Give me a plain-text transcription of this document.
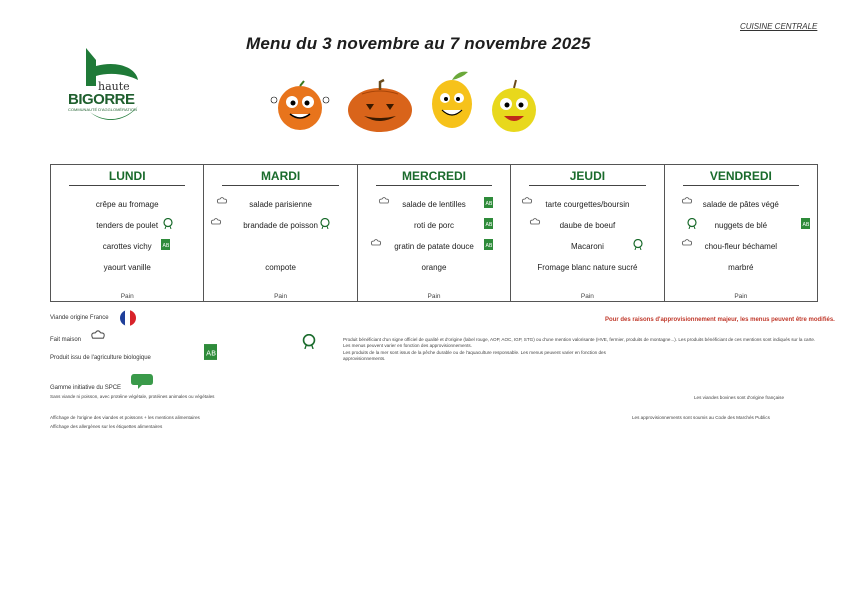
CUISINE CENTRALE
Menu du 3 novembre au 7 novembre 2025
haute
BIGORRE
COMMUNAUTÉ D'AGGLOMÉRATION
LUNDI
crêpe au fromage
tenders de poulet
carottes vichy AB
yaourt vanille
Pain
MARDI
salade parisienne
brandade de poisson
compote
Pain
MERCREDI
salade de lentilles	AB
roti de porc	AB
gratin de patate douce AB
orange
Pain
JEUDI
tarte courgettes/boursin
daube de boeuf
Macaroni
Fromage blanc nature sucré
Pain
VENDREDI
salade de pâtes végé
nuggets de blé	AB
chou-fleur béchamel
marbré
Pain
Viande origine France
Fait maison
Produit issu de l'agriculture biologique
AB
Produit bénéficiant d'un signe officiel de qualité et d'origine (label rouge, AOP, AOC, IGP, STG) ou d'une mention valorisante (HVE, fermier, produits de montagne...). Les produits bénéficiant de ces mentions sont indiqués sur la carte. Les menus peuvent varier en fonction des approvisionnements.
Les produits de la mer sont issus de la pêche durable ou de l'aquaculture responsable. Les menus peuvent varier en fonction des approvisionnements.
Gamme initiative du SPCE
Sans viande ni poisson, avec protéine végétale, protéines animales ou végétales
Pour des raisons d'approvisionnement majeur, les menus peuvent être modifiés.
Les viandes bovines sont d'origine française
Affichage de l'origine des viandes et poissons + les mentions alimentaires
Affichage des allergènes sur les étiquettes alimentaires
Les approvisionnements sont soumis au Code des Marchés Publics
